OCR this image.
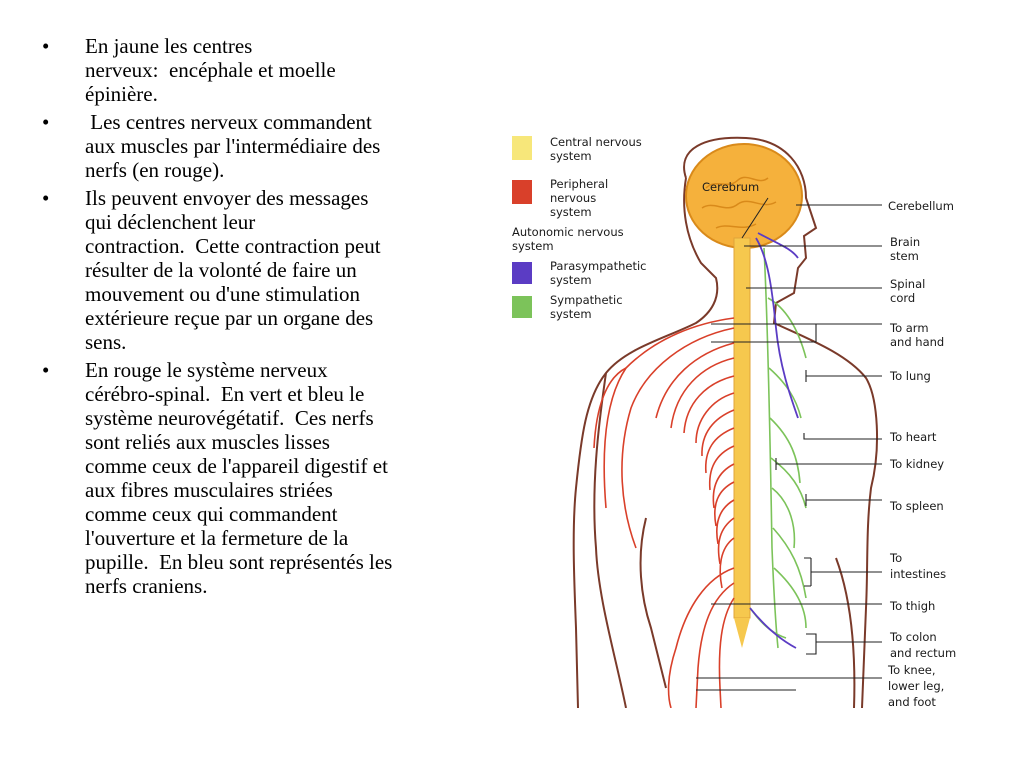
•	En jaune les centres
nerveux:  encéphale et moelle
épinière.
•	Les centres nerveux commandent
aux muscles par l'intermédiaire des
nerfs (en rouge).
•	Ils peuvent envoyer des messages
qui déclenchent leur
contraction.  Cette contraction peut
résulter de la volonté de faire un
mouvement ou d'une stimulation
extérieure reçue par un organe des
sens.
•	En rouge le système nerveux
cérébro-spinal.  En vert et bleu le
système neurovégétatif.  Ces nerfs
sont reliés aux muscles lisses
comme ceux de l'appareil digestif et
aux fibres musculaires striées
comme ceux qui commandent
l'ouverture et la fermeture de la
pupille.  En bleu sont représentés les
nerfs craniens.
Central nervous
system
Peripheral
nervous
system
Autonomic nervous
system
Parasympathetic
system
Sympathetic
system
Cerebrum
Cerebellum
Brain
stem
Spinal
cord
To arm
and hand
To lung
To heart
To kidney
To spleen
To
intestines
To thigh
To colon
and rectum
To knee,
lower leg,
and foot
